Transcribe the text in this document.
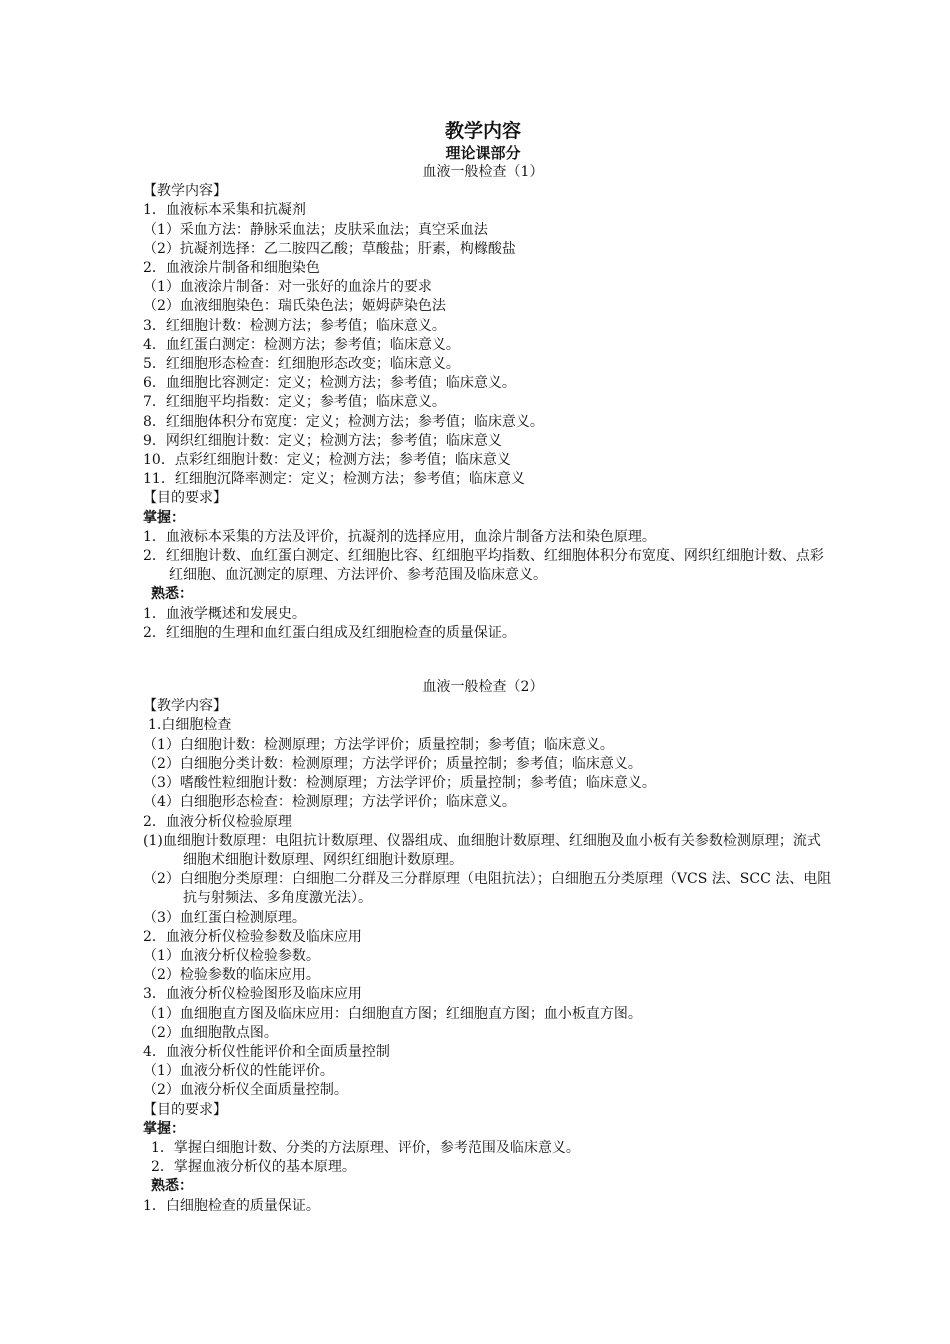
教学内容
理论课部分
血液一般检查（1）
【教学内容】
1．血液标本采集和抗凝剂
（1）采血方法：静脉采血法；皮肤采血法；真空采血法
（2）抗凝剂选择：乙二胺四乙酸；草酸盐；肝素，枸橼酸盐
2．血液涂片制备和细胞染色
（1）血液涂片制备：对一张好的血涂片的要求
（2）血液细胞染色：瑞氏染色法；姬姆萨染色法
3．红细胞计数：检测方法；参考值；临床意义。
4．血红蛋白测定：检测方法；参考值；临床意义。
5．红细胞形态检查：红细胞形态改变；临床意义。
6．血细胞比容测定：定义；检测方法；参考值；临床意义。
7．红细胞平均指数：定义；参考值；临床意义。
8．红细胞体积分布宽度：定义；检测方法；参考值；临床意义。
9．网织红细胞计数：定义；检测方法；参考值；临床意义
10．点彩红细胞计数：定义；检测方法；参考值；临床意义
11．红细胞沉降率测定：定义；检测方法；参考值；临床意义
【目的要求】
掌握：
1．血液标本采集的方法及评价，抗凝剂的选择应用，血涂片制备方法和染色原理。
2．红细胞计数、血红蛋白测定、红细胞比容、红细胞平均指数、红细胞体积分布宽度、网织红细胞计数、点彩红细胞、血沉测定的原理、方法评价、参考范围及临床意义。
熟悉：
1．血液学概述和发展史。
2．红细胞的生理和血红蛋白组成及红细胞检查的质量保证。
血液一般检查（2）
【教学内容】
1.白细胞检查
（1）白细胞计数：检测原理；方法学评价；质量控制；参考值；临床意义。
（2）白细胞分类计数：检测原理；方法学评价；质量控制；参考值；临床意义。
（3）嗜酸性粒细胞计数：检测原理；方法学评价；质量控制；参考值；临床意义。
（4）白细胞形态检查：检测原理；方法学评价；临床意义。
2．血液分析仪检验原理
(1)血细胞计数原理：电阻抗计数原理、仪器组成、血细胞计数原理、红细胞及血小板有关参数检测原理；流式细胞术细胞计数原理、网织红细胞计数原理。
（2）白细胞分类原理：白细胞二分群及三分群原理（电阻抗法）；白细胞五分类原理（VCS 法、SCC 法、电阻抗与射频法、多角度激光法）。
（3）血红蛋白检测原理。
2．血液分析仪检验参数及临床应用
（1）血液分析仪检验参数。
（2）检验参数的临床应用。
3．血液分析仪检验图形及临床应用
（1）血细胞直方图及临床应用：白细胞直方图；红细胞直方图；血小板直方图。
（2）血细胞散点图。
4．血液分析仪性能评价和全面质量控制
（1）血液分析仪的性能评价。
（2）血液分析仪全面质量控制。
【目的要求】
掌握：
1．掌握白细胞计数、分类的方法原理、评价，参考范围及临床意义。
2．掌握血液分析仪的基本原理。
熟悉：
1．白细胞检查的质量保证。
